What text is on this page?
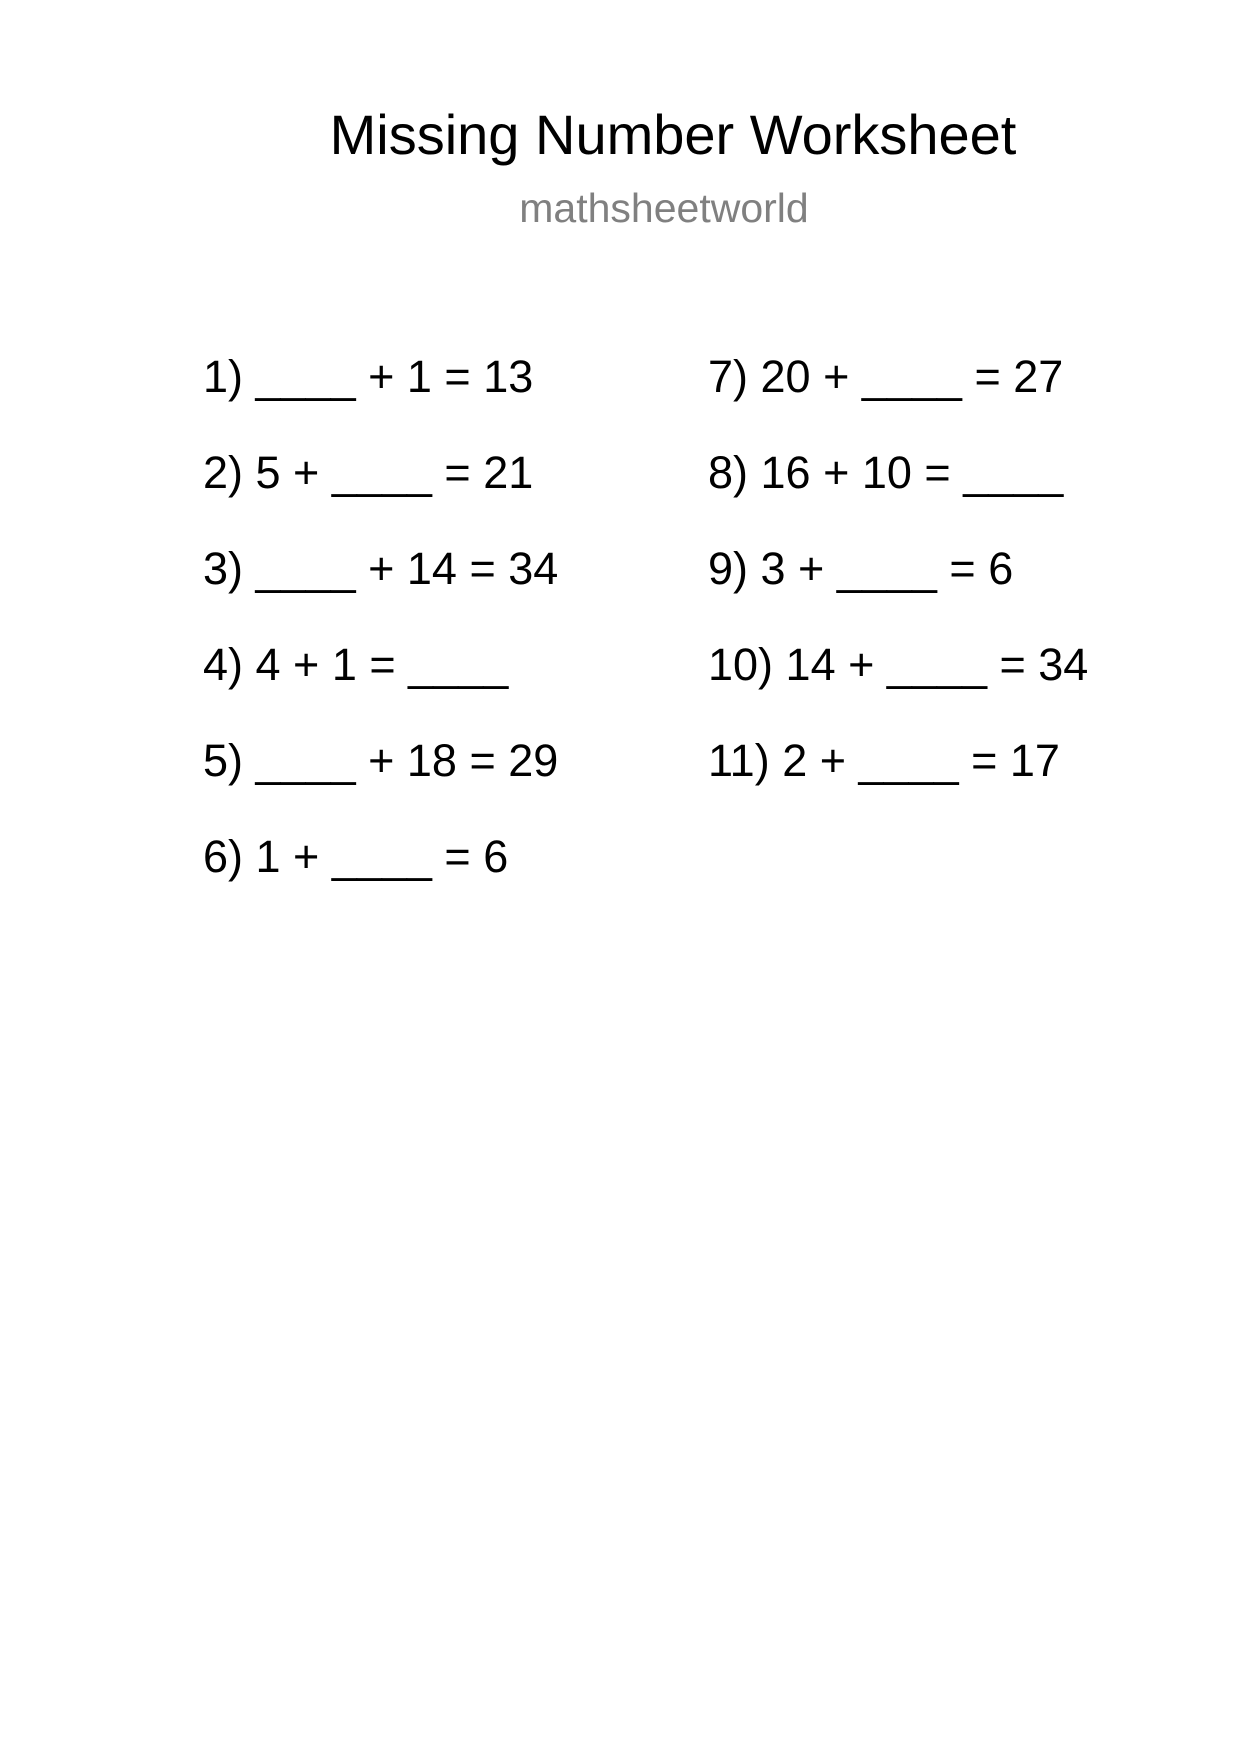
Missing Number Worksheet
mathsheetworld
1) ____ + 1 = 13
2) 5 + ____ = 21
3) ____ + 14 = 34
4) 4 + 1 = ____
5) ____ + 18 = 29
6) 1 + ____ = 6
7) 20 + ____ = 27
8) 16 + 10 = ____
9) 3 + ____ = 6
10) 14 + ____ = 34
11) 2 + ____ = 17
